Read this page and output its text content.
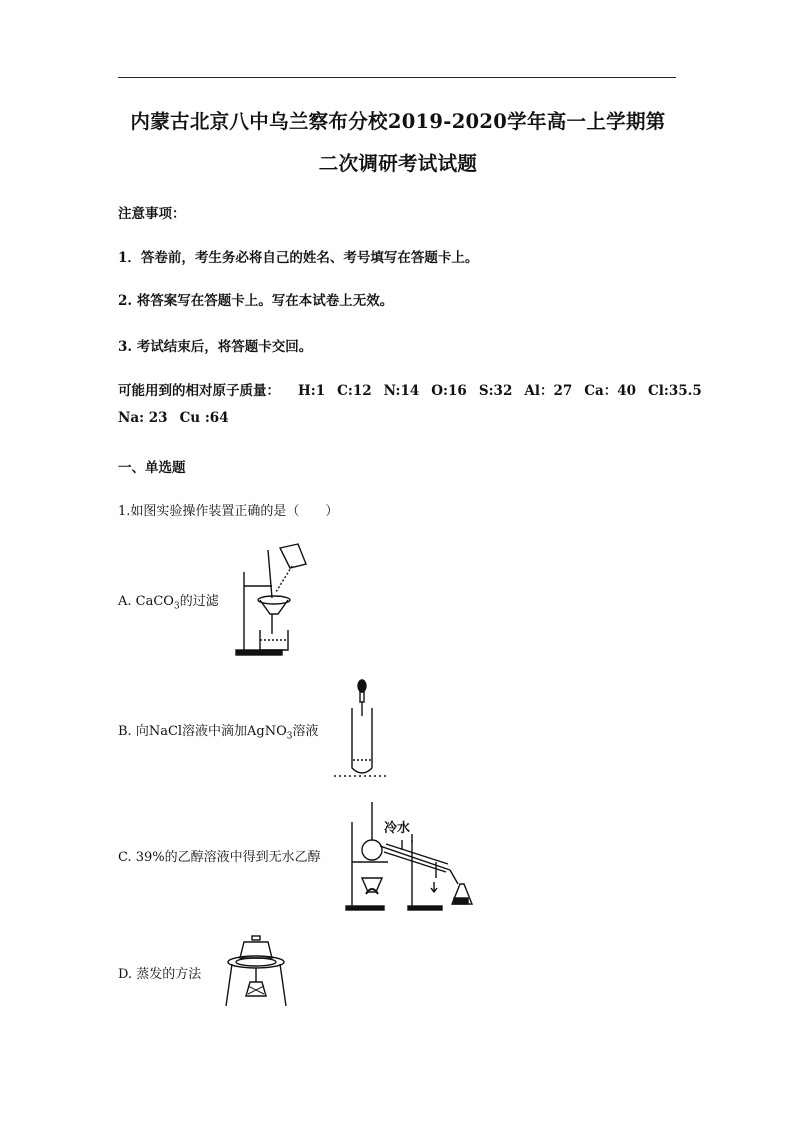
内蒙古北京八中乌兰察布分校2019-2020学年高一上学期第
二次调研考试试题
注意事项：
1．答卷前，考生务必将自己的姓名、考号填写在答题卡上。
2. 将答案写在答题卡上。写在本试卷上无效。
3. 考试结束后，将答题卡交回。
可能用到的相对原子质量： H:1 C:12 N:14 O:16 S:32 Al：27 Ca：40 Cl:35.5
Na: 23 Cu :64
一、单选题
1.如图实验操作装置正确的是（　　）
A. CaCO$_3$的过滤
B. 向NaCl溶液中滴加AgNO$_3$溶液
C. 39%的乙醇溶液中得到无水乙醇
冷水
D. 蒸发的方法
